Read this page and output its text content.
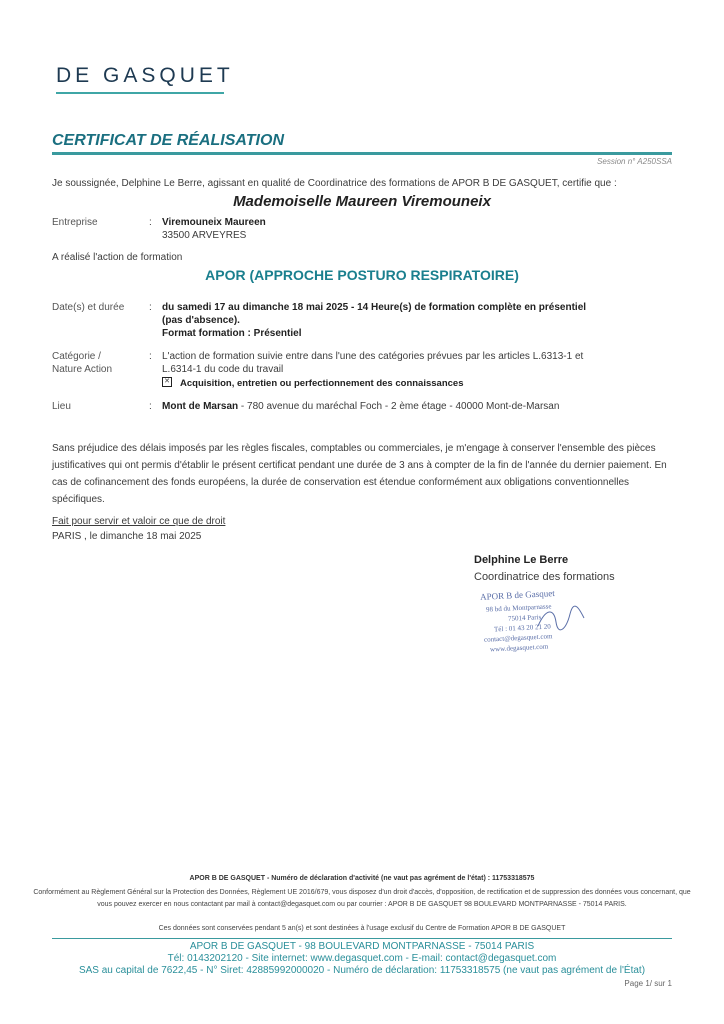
DE GASQUET
CERTIFICAT DE RÉALISATION
Session n° A250SSA
Je soussignée, Delphine Le Berre, agissant en qualité de Coordinatrice des formations de APOR B DE GASQUET, certifie que :
Mademoiselle Maureen Viremouneix
Entreprise	: Viremouneix Maureen
33500 ARVEYRES
A réalisé l'action de formation
APOR (APPROCHE POSTURO RESPIRATOIRE)
Date(s) et durée : du samedi 17 au dimanche 18 mai 2025 - 14 Heure(s) de formation complète en présentiel
(pas d'absence).
Format formation : Présentiel
Catégorie /
Nature Action
: L'action de formation suivie entre dans l'une des catégories prévues par les articles L.6313-1 et
L.6314-1 du code du travail
✕ Acquisition, entretien ou perfectionnement des connaissances
Lieu	: Mont de Marsan - 780 avenue du maréchal Foch - 2 ème étage - 40000 Mont-de-Marsan
Sans préjudice des délais imposés par les règles fiscales, comptables ou commerciales, je m'engage à conserver l'ensemble des pièces justificatives qui ont permis d'établir le présent certificat pendant une durée de 3 ans à compter de la fin de l'année du dernier paiement. En cas de cofinancement des fonds européens, la durée de conservation est étendue conformément aux obligations conventionnelles spécifiques.
Fait pour servir et valoir ce que de droit
PARIS , le dimanche 18 mai 2025
Delphine Le Berre
Coordinatrice des formations
APOR B de Gasquet
98 bd du Montparnasse
75014 Paris
Tél : 01 43 20 21 20
contact@degasquet.com
www.degasquet.com
APOR B DE GASQUET - Numéro de déclaration d'activité (ne vaut pas agrément de l'état) : 11753318575
Conformément au Règlement Général sur la Protection des Données, Règlement UE 2016/679, vous disposez d'un droit d'accès, d'opposition, de rectification et de suppression des données vous concernant, que vous pouvez exercer en nous contactant par mail à contact@degasquet.com ou par courrier : APOR B DE GASQUET 98 BOULEVARD MONTPARNASSE - 75014 PARIS.
Ces données sont conservées pendant 5 an(s) et sont destinées à l'usage exclusif du Centre de Formation APOR B DE GASQUET
APOR B DE GASQUET - 98 BOULEVARD MONTPARNASSE - 75014 PARIS
Tél: 0143202120 - Site internet: www.degasquet.com - E-mail: contact@degasquet.com
SAS au capital de 7622,45 - N° Siret: 42885992000020 - Numéro de déclaration: 11753318575 (ne vaut pas agrément de l'État)
Page 1/ sur 1
